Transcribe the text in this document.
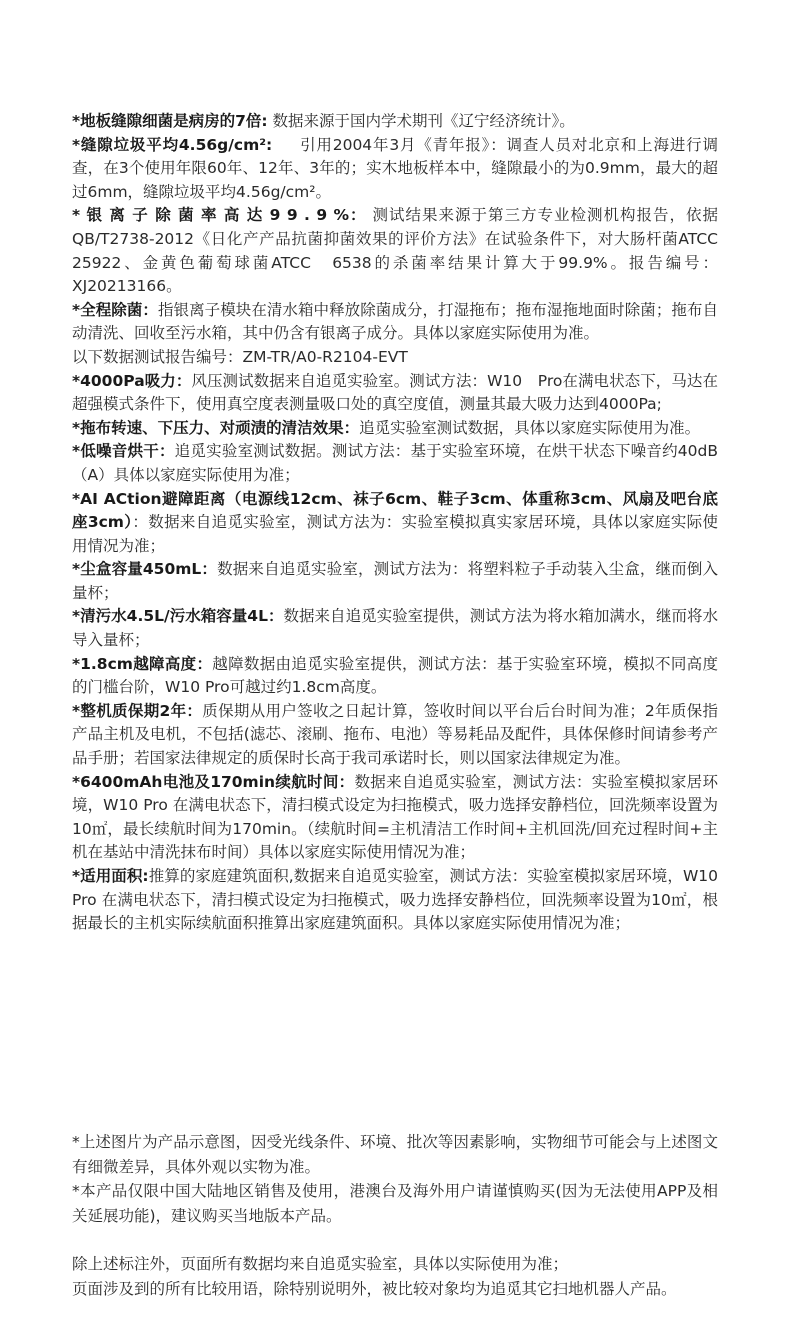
*地板缝隙细菌是病房的7倍: 数据来源于国内学术期刊《辽宁经济统计》。

*缝隙垃圾平均4.56g/cm²: 　 引用2004年3月《青年报》：调查人员对北京和上海进行调查，在3个使用年限60年、12年、3年的；实木地板样本中，缝隙最小的为0.9mm，最大的超过6mm，缝隙垃圾平均4.56g/cm²。

* 银 离 子 除 菌 率 高 达 9 9 . 9 %： 测试结果来源于第三方专业检测机构报告，依据QB/T2738-2012《日化产产品抗菌抑菌效果的评价方法》在试验条件下，对大肠杆菌ATCC　25922、金黄色葡萄球菌ATCC　6538的杀菌率结果计算大于99.9%。报告编号：XJ20213166。

*全程除菌：指银离子模块在清水箱中释放除菌成分，打湿拖布；拖布湿拖地面时除菌；拖布自动清洗、回收至污水箱，其中仍含有银离子成分。具体以家庭实际使用为准。

以下数据测试报告编号：ZM-TR/A0-R2104-EVT

*4000Pa吸力：风压测试数据来自追觅实验室。测试方法：W10　Pro在满电状态下，马达在超强模式条件下，使用真空度表测量吸口处的真空度值，测量其最大吸力达到4000Pa;

*拖布转速、下压力、对顽渍的清洁效果：追觅实验室测试数据，具体以家庭实际使用为准。

*低噪音烘干：追觅实验室测试数据。测试方法：基于实验室环境，在烘干状态下噪音约40dB（A）具体以家庭实际使用为准；

*AI ACtion避障距离（电源线12cm、袜子6cm、鞋子3cm、体重称3cm、风扇及吧台底座3cm）：数据来自追觅实验室，测试方法为：实验室模拟真实家居环境，具体以家庭实际使用情况为准；

*尘盒容量450mL：数据来自追觅实验室，测试方法为：将塑料粒子手动装入尘盒，继而倒入量杯；

*清污水4.5L/污水箱容量4L：数据来自追觅实验室提供，测试方法为将水箱加满水，继而将水导入量杯；

*1.8cm越障高度：越障数据由追觅实验室提供，测试方法：基于实验室环境，模拟不同高度的门槛台阶，W10 Pro可越过约1.8cm高度。

*整机质保期2年：质保期从用户签收之日起计算，签收时间以平台后台时间为准；2年质保指产品主机及电机，不包括(滤芯、滚刷、拖布、电池）等易耗品及配件，具体保修时间请参考产品手册；若国家法律规定的质保时长高于我司承诺时长，则以国家法律规定为准。

*6400mAh电池及170min续航时间：数据来自追觅实验室，测试方法：实验室模拟家居环境，W10 Pro 在满电状态下，清扫模式设定为扫拖模式，吸力选择安静档位，回洗频率设置为10㎡，最长续航时间为170min。（续航时间=主机清洁工作时间+主机回洗/回充过程时间+主机在基站中清洗抹布时间）具体以家庭实际使用情况为准；

*适用面积:推算的家庭建筑面积,数据来自追觅实验室，测试方法：实验室模拟家居环境，W10 Pro 在满电状态下，清扫模式设定为扫拖模式，吸力选择安静档位，回洗频率设置为10㎡，根据最长的主机实际续航面积推算出家庭建筑面积。具体以家庭实际使用情况为准；

*上述图片为产品示意图，因受光线条件、环境、批次等因素影响，实物细节可能会与上述图文有细微差异，具体外观以实物为准。

*本产品仅限中国大陆地区销售及使用，港澳台及海外用户请谨慎购买(因为无法使用APP及相关延展功能)，建议购买当地版本产品。

除上述标注外，页面所有数据均来自追觅实验室，具体以实际使用为准；

页面涉及到的所有比较用语，除特别说明外，被比较对象均为追觅其它扫地机器人产品。
